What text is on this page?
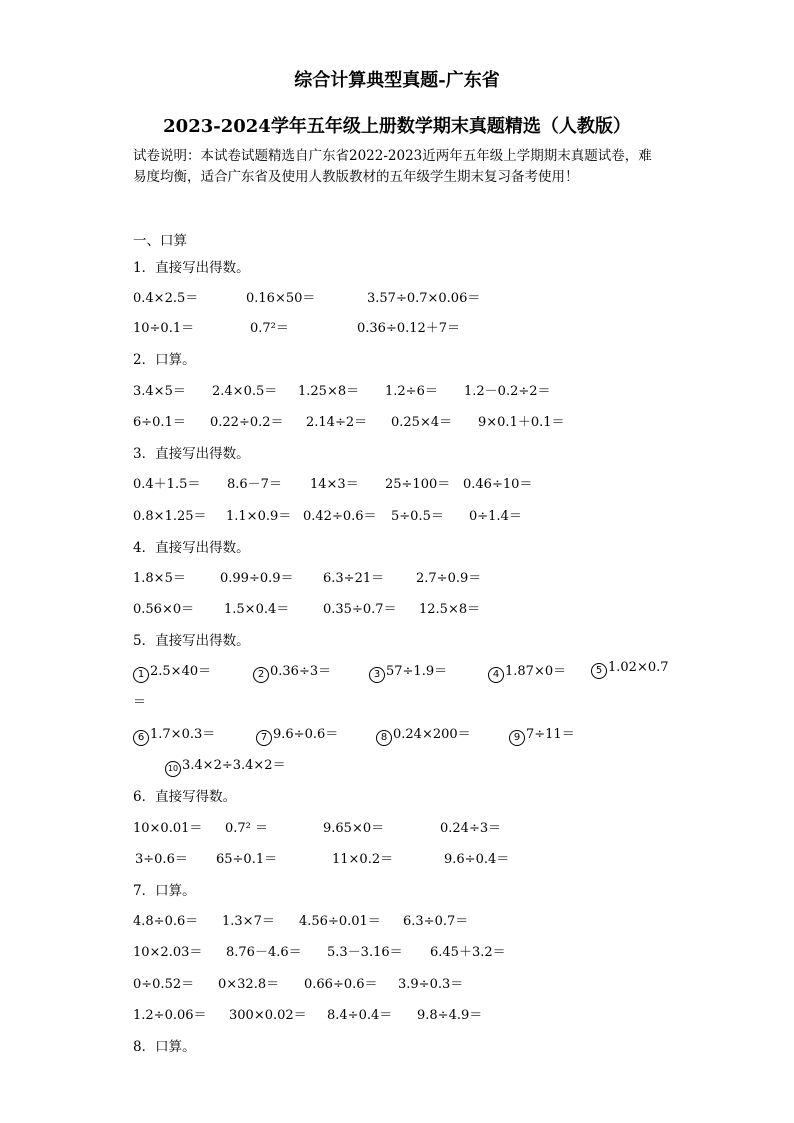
综合计算典型真题-广东省
2023-2024学年五年级上册数学期末真题精选（人教版）
试卷说明：本试卷试题精选自广东省2022-2023近两年五年级上学期期末真题试卷，难易度均衡，适合广东省及使用人教版教材的五年级学生期末复习备考使用！
一、口算
1．直接写出得数。
0.4×2.5＝	0.16×50＝	3.57÷0.7×0.06＝
10÷0.1＝	0.7²＝	0.36÷0.12＋7＝
2．口算。
3.4×5＝ 2.4×0.5＝ 1.25×8＝ 1.2÷6＝ 1.2－0.2÷2＝
6÷0.1＝ 0.22÷0.2＝ 2.14÷2＝ 0.25×4＝ 9×0.1＋0.1＝
3．直接写出得数。
0.4＋1.5＝ 8.6－7＝ 14×3＝ 25÷100＝ 0.46÷10＝
0.8×1.25＝ 1.1×0.9＝ 0.42÷0.6＝ 5÷0.5＝ 0÷1.4＝
4．直接写出得数。
1.8×5＝	0.99÷0.9＝ 6.3÷21＝ 2.7÷0.9＝
0.56×0＝ 1.5×0.4＝	0.35÷0.7＝ 12.5×8＝
5．直接写出得数。
1 2.5×40＝	2 0.36÷3＝	3 57÷1.9＝	4 1.87×0＝	5 1.02×0.7
＝
6 1.7×0.3＝	7 9.6÷0.6＝	8 0.24×200＝	9 7÷11＝
10 3.4×2÷3.4×2＝
6．直接写得数。
10×0.01＝ 0.7² ＝	9.65×0＝	0.24÷3＝
3÷0.6＝ 65÷0.1＝	11×0.2＝	9.6÷0.4＝
7．口算。
4.8÷0.6＝ 1.3×7＝ 4.56÷0.01＝ 6.3÷0.7＝
10×2.03＝ 8.76－4.6＝ 5.3－3.16＝ 6.45＋3.2＝
0÷0.52＝ 0×32.8＝ 0.66÷0.6＝ 3.9÷0.3＝
1.2÷0.06＝ 300×0.02＝ 8.4÷0.4＝ 9.8÷4.9＝
8．口算。
